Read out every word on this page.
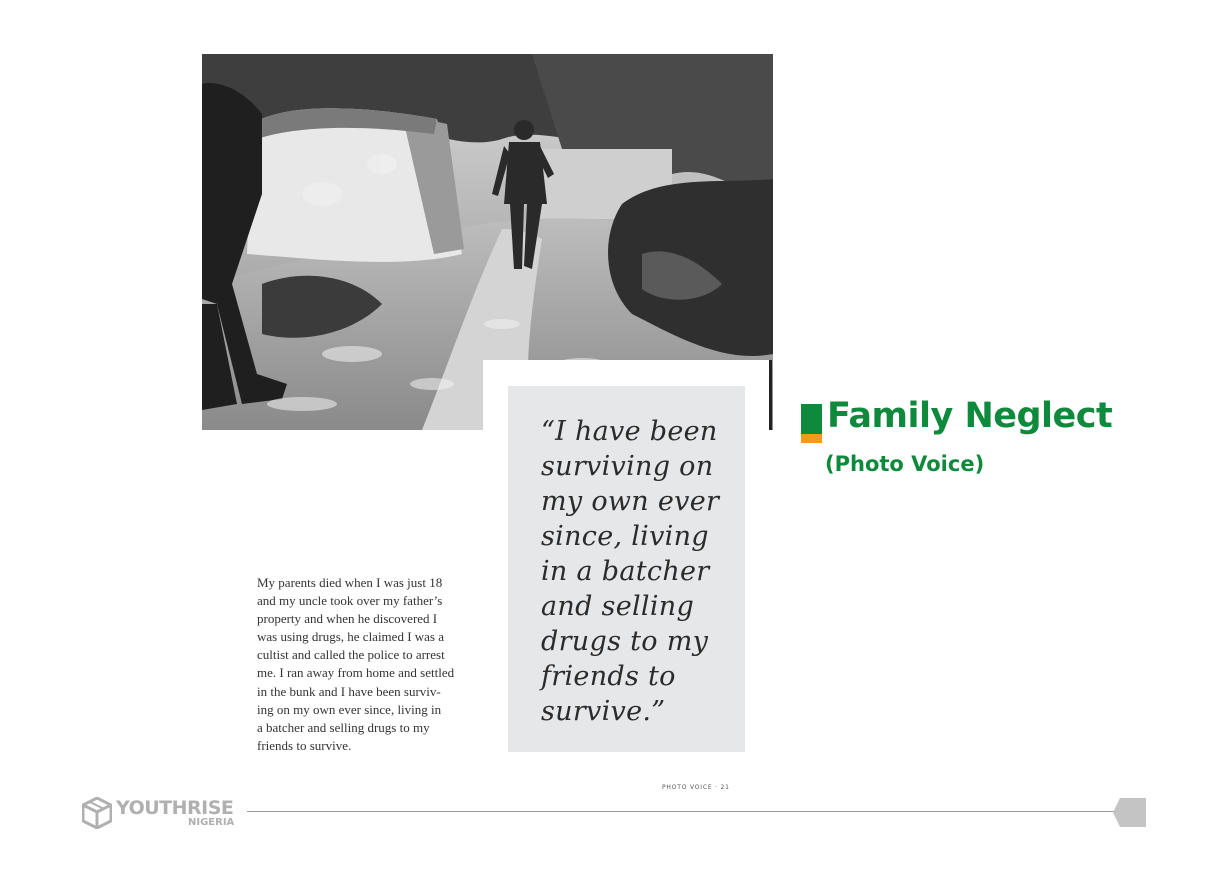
“I have been surviving on my own ever since, living in a batcher and selling drugs to my friends to survive.”

Family Neglect

(Photo Voice)

My parents died when I was just 18
and my uncle took over my father’s
property and when he discovered I
was using drugs, he claimed I was a
cultist and called the police to arrest
me. I ran away from home and settled
in the bunk and I have been surviv-
ing on my own ever since, living in
a batcher and selling drugs to my
friends to survive.

PHOTO VOICE · 21
YOUTHRISE
NIGERIA
